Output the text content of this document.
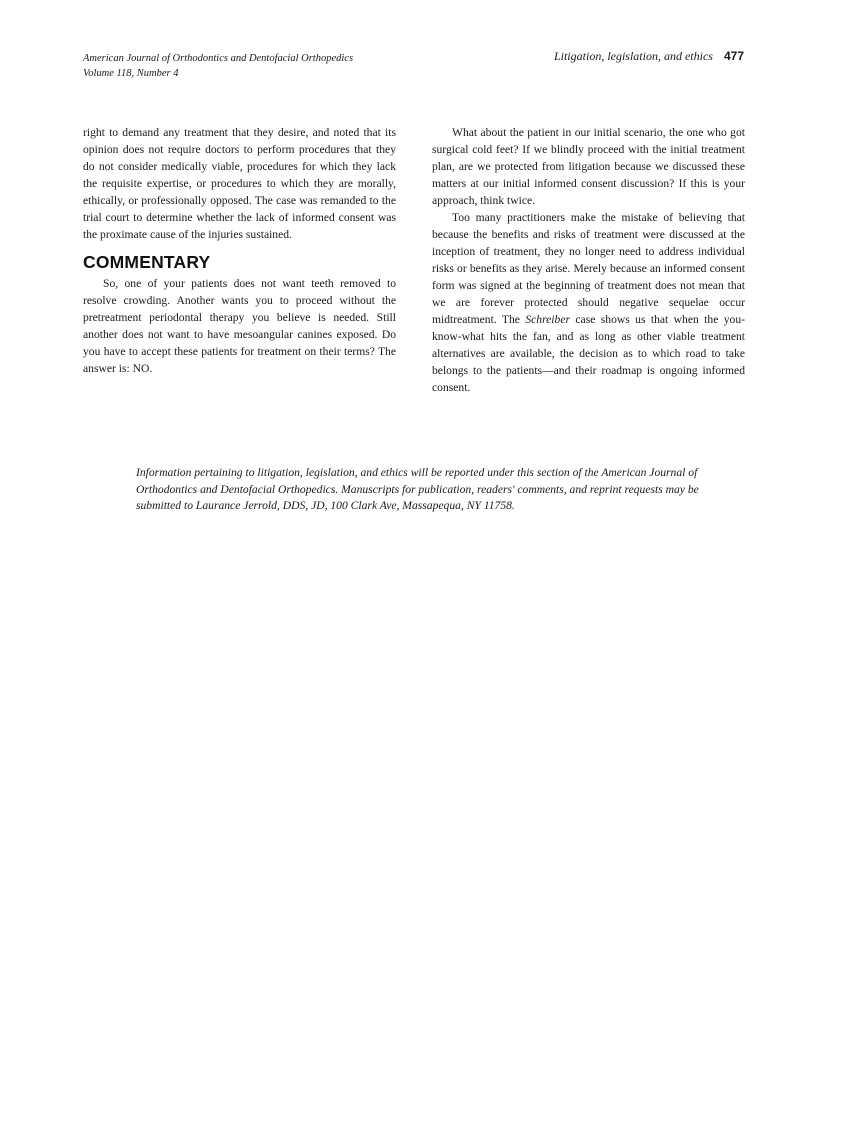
American Journal of Orthodontics and Dentofacial Orthopedics
Volume 118, Number 4
Litigation, legislation, and ethics 477

right to demand any treatment that they desire, and noted that its opinion does not require doctors to perform procedures that they do not consider medically viable, procedures for which they lack the requisite expertise, or procedures to which they are morally, ethically, or professionally opposed. The case was remanded to the trial court to determine whether the lack of informed consent was the proximate cause of the injuries sustained.

COMMENTARY

So, one of your patients does not want teeth removed to resolve crowding. Another wants you to proceed without the pretreatment periodontal therapy you believe is needed. Still another does not want to have mesoangular canines exposed. Do you have to accept these patients for treatment on their terms? The answer is: NO.

What about the patient in our initial scenario, the one who got surgical cold feet? If we blindly proceed with the initial treatment plan, are we protected from litigation because we discussed these matters at our initial informed consent discussion? If this is your approach, think twice.

Too many practitioners make the mistake of believing that because the benefits and risks of treatment were discussed at the inception of treatment, they no longer need to address individual risks or benefits as they arise. Merely because an informed consent form was signed at the beginning of treatment does not mean that we are forever protected should negative sequelae occur midtreatment. The Schreiber case shows us that when the you-know-what hits the fan, and as long as other viable treatment alternatives are available, the decision as to which road to take belongs to the patients—and their roadmap is ongoing informed consent.

Information pertaining to litigation, legislation, and ethics will be reported under this section of the American Journal of Orthodontics and Dentofacial Orthopedics. Manuscripts for publication, readers' comments, and reprint requests may be submitted to Laurance Jerrold, DDS, JD, 100 Clark Ave, Massapequa, NY 11758.
